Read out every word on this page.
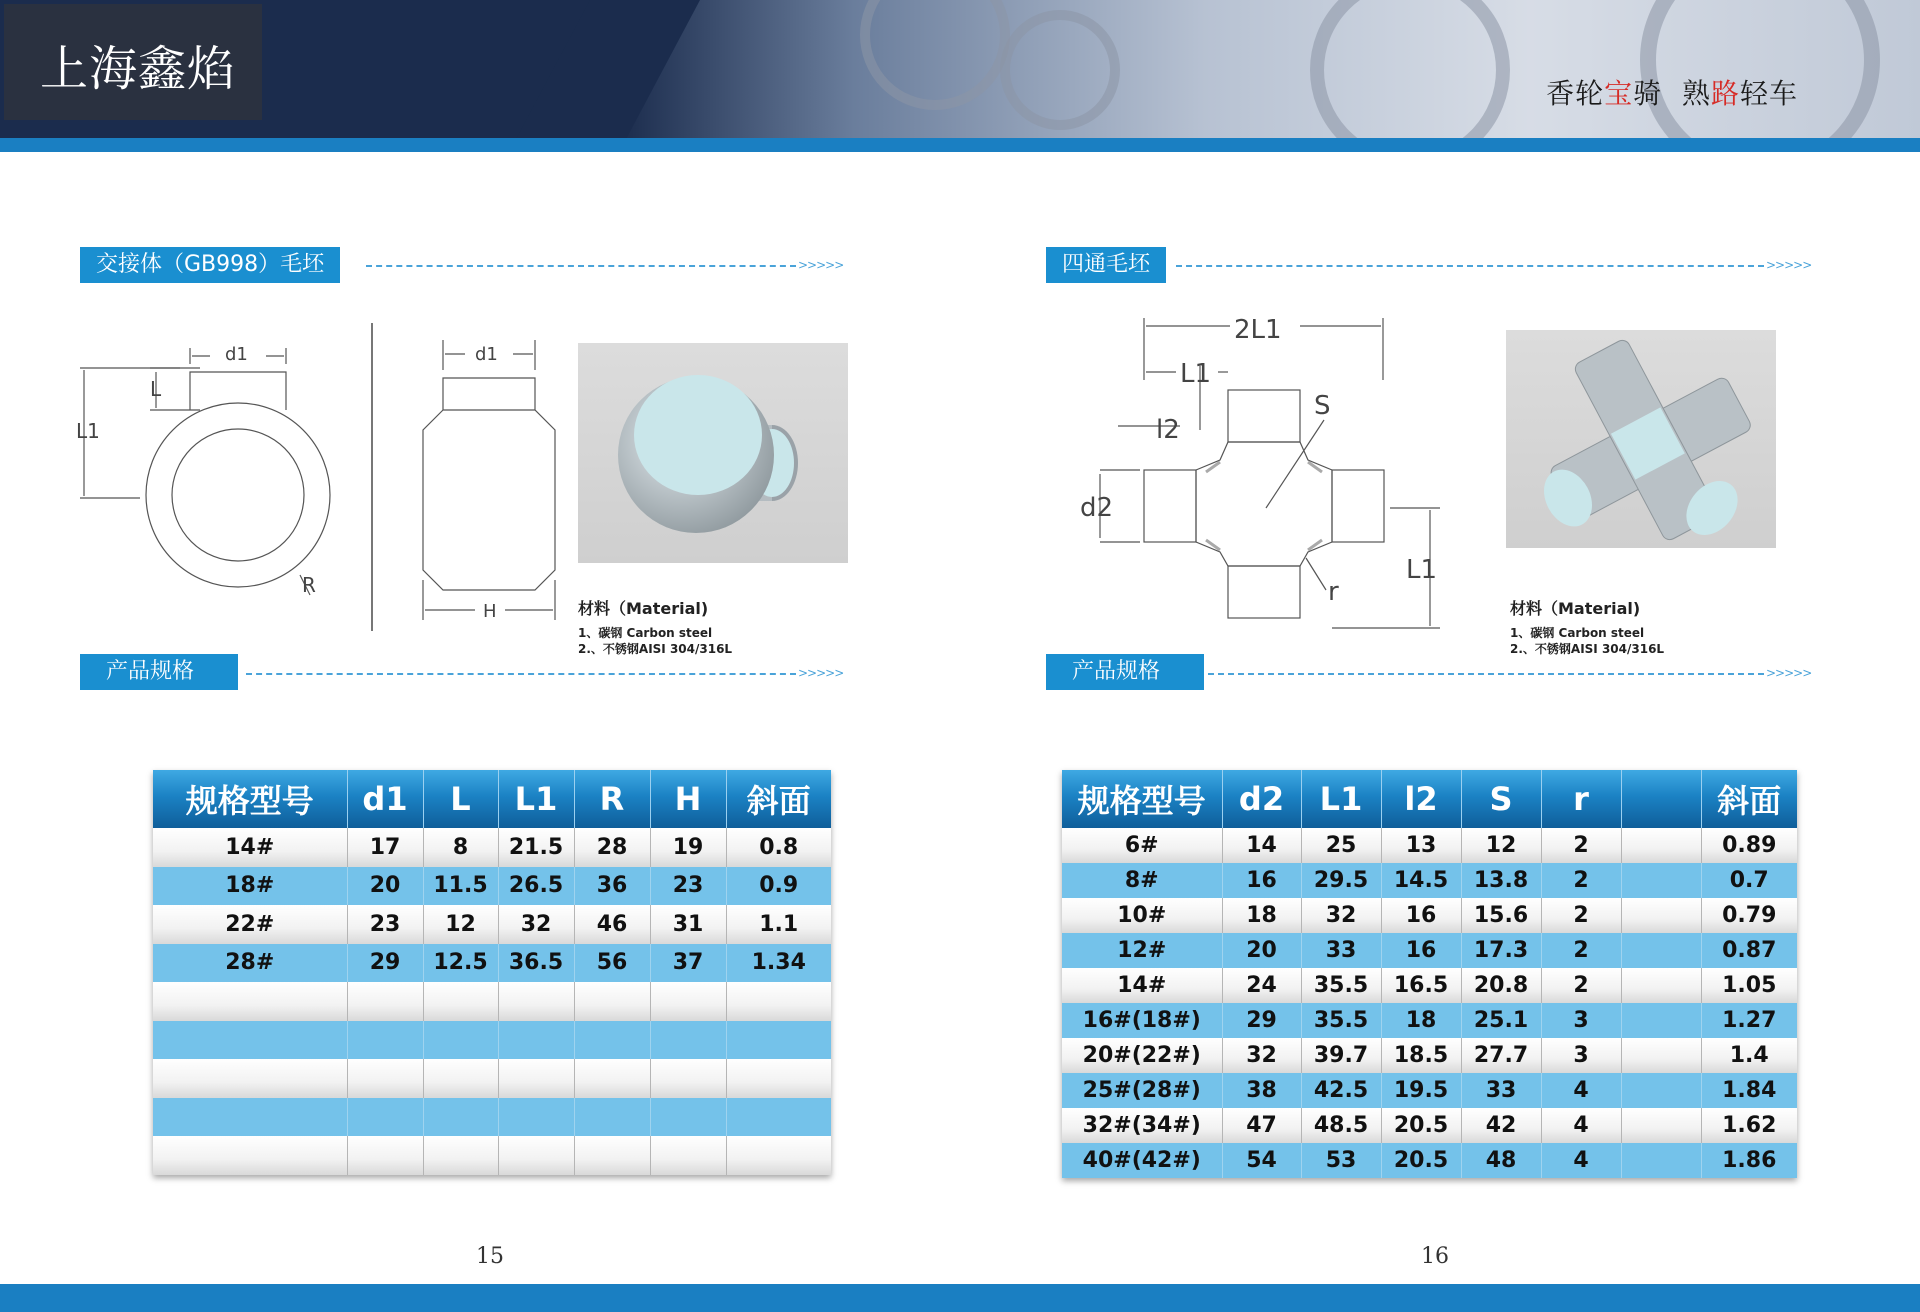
上海鑫焰	香轮宝骑  熟路轻车
交接体（GB998）毛坯	>>>>>
d1
L
L1
R
d1
H	材料（Material)
1、碳钢 Carbon steel
2.、不锈钢AISI 304/316L
产品规格	>>>>>
规格型号	d1	L	L1	R	H	斜面
14#	17	8	21.5	28	19	0.8
18#	20	11.5	26.5	36	23	0.9
22#	23	12	32	46	31	1.1
28#	29	12.5	36.5	56	37	1.34

15
四通毛坯	>>>>>
2L1
L1
l2
S
d2
r
L1
材料（Material)
1、碳钢 Carbon steel
2.、不锈钢AISI 304/316L
产品规格	>>>>>
规格型号	d2	L1	l2	S	r		斜面
6#	14	25	13	12	2		0.89
8#	16	29.5	14.5	13.8	2		0.7
10#	18	32	16	15.6	2		0.79
12#	20	33	16	17.3	2		0.87
14#	24	35.5	16.5	20.8	2		1.05
16#(18#)	29	35.5	18	25.1	3		1.27
20#(22#)	32	39.7	18.5	27.7	3		1.4
25#(28#)	38	42.5	19.5	33	4		1.84
32#(34#)	47	48.5	20.5	42	4		1.62
40#(42#)	54	53	20.5	48	4		1.86
16
